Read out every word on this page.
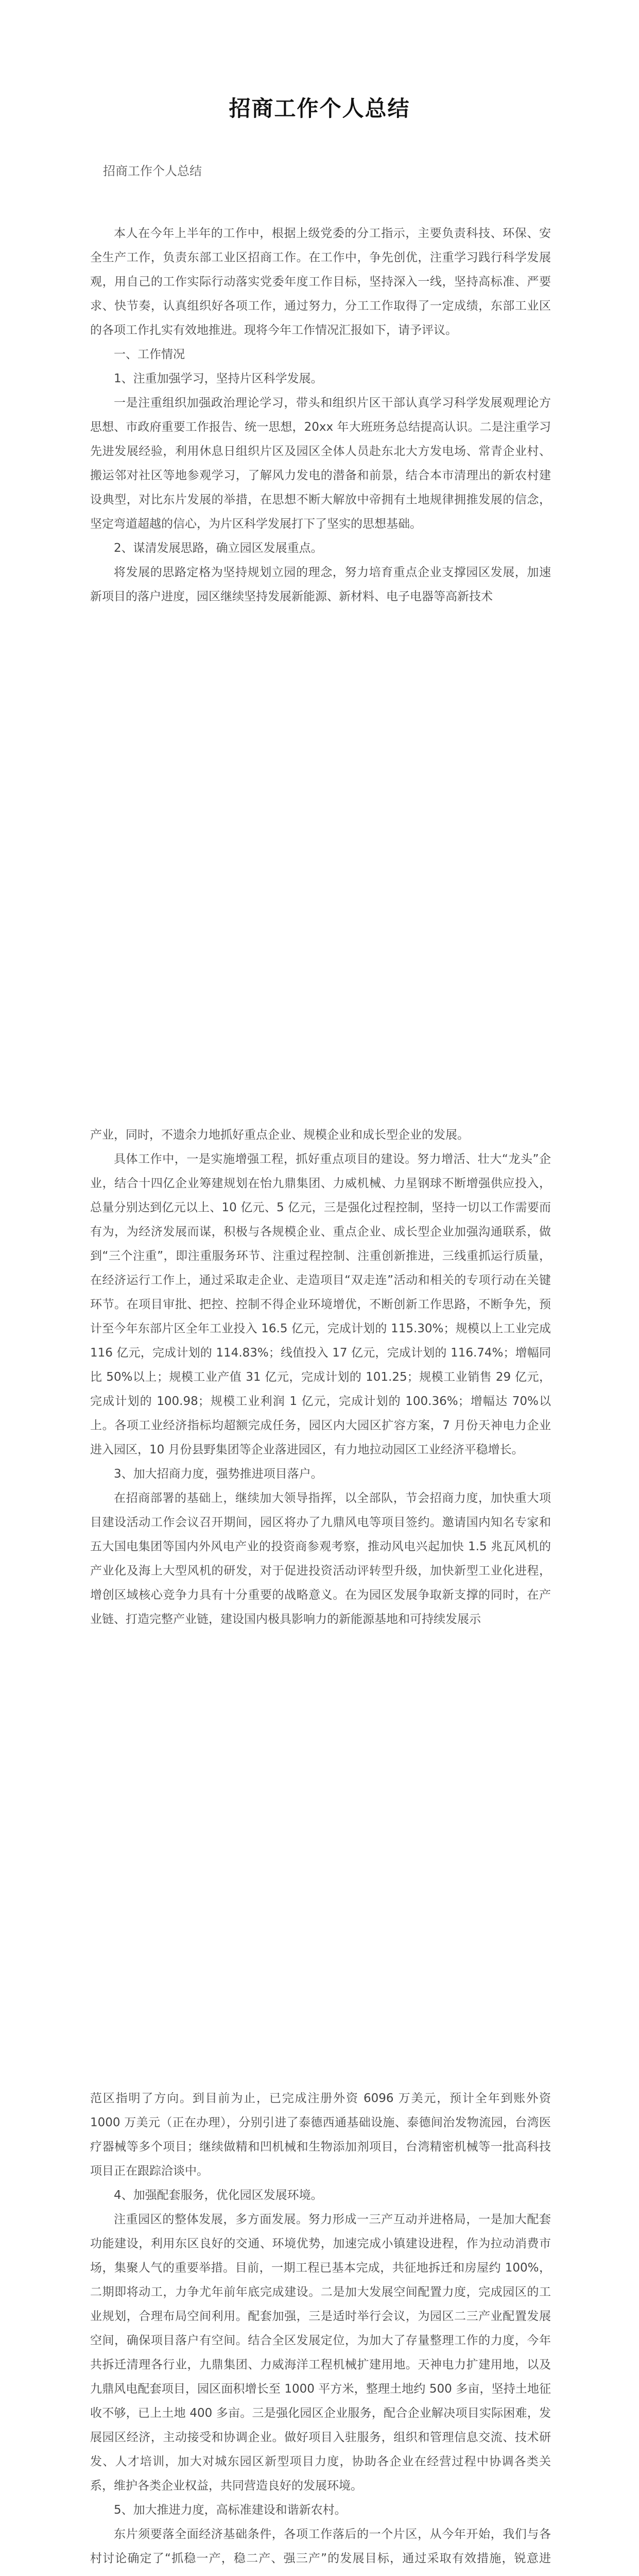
招商工作个人总结

招商工作个人总结

本人在今年上半年的工作中，根据上级党委的分工指示，主要负责科技、环保、安全生产工作，负责东部工业区招商工作。在工作中，争先创优，注重学习践行科学发展观，用自己的工作实际行动落实党委年度工作目标，坚持深入一线，坚持高标准、严要求、快节奏，认真组织好各项工作，通过努力，分工工作取得了一定成绩，东部工业区的各项工作扎实有效地推进。现将今年工作情况汇报如下，请予评议。

一、工作情况

1、注重加强学习，坚持片区科学发展。

一是注重组织加强政治理论学习，带头和组织片区干部认真学习科学发展观理论方思想、市政府重要工作报告、统一思想，20xx 年大班班务总结提高认识。二是注重学习先进发展经验，利用休息日组织片区及园区全体人员赴东北大方发电场、常青企业村、搬运邻对社区等地参观学习，了解风力发电的潜备和前景，结合本市清理出的新农村建设典型，对比东片发展的举措，在思想不断大解放中帝拥有土地规律拥推发展的信念，坚定弯道超越的信心，为片区科学发展打下了坚实的思想基础。

2、谋清发展思路，确立园区发展重点。

将发展的思路定格为坚持规划立园的理念，努力培育重点企业支撑园区发展，加速新项目的落户进度，园区继续坚持发展新能源、新材料、电子电器等高新技术

产业，同时，不遗余力地抓好重点企业、规模企业和成长型企业的发展。

具体工作中，一是实施增强工程，抓好重点项目的建设。努力增活、壮大“龙头”企业，结合十四亿企业筹建规划在怡九鼎集团、力威机械、力星钢球不断增强供应投入，总量分别达到亿元以上、10 亿元、5 亿元，三是强化过程控制，坚持一切以工作需要而有为，为经济发展而谋，积极与各规模企业、重点企业、成长型企业加强沟通联系，做到“三个注重”，即注重服务环节、注重过程控制、注重创新推进，三线重抓运行质量，在经济运行工作上，通过采取走企业、走造项目“双走连”活动和相关的专项行动在关键环节。在项目审批、把控、控制不得企业环境增优，不断创新工作思路，不断争先，预计至今年东部片区全年工业投入 16.5 亿元，完成计划的 115.30%；规模以上工业完成 116 亿元，完成计划的 114.83%；线值投入 17 亿元，完成计划的 116.74%；增幅同比 50%以上；规模工业产值 31 亿元，完成计划的 101.25；规模工业销售 29 亿元，完成计划的 100.98；规模工业利润 1 亿元，完成计划的 100.36%；增幅达 70%以上。各项工业经济指标均超额完成任务，园区内大园区扩容方案，7 月份天神电力企业进入园区，10 月份县野集团等企业落进园区，有力地拉动园区工业经济平稳增长。

3、加大招商力度，强势推进项目落户。

在招商部署的基础上，继续加大领导指挥，以全部队，节会招商力度，加快重大项目建设活动工作会议召开期间，园区将办了九鼎风电等项目签约。邀请国内知名专家和五大国电集团等国内外风电产业的投资商参观考察，推动风电兴起加快 1.5 兆瓦风机的产业化及海上大型风机的研发，对于促进投资活动评转型升级，加快新型工业化进程，增创区域核心竞争力具有十分重要的战略意义。在为园区发展争取新支撑的同时，在产业链、打造完整产业链，建设国内极具影响力的新能源基地和可持续发展示

范区指明了方向。到目前为止，已完成注册外资 6096 万美元，预计全年到账外资 1000 万美元（正在办理），分别引进了泰德西通基础设施、泰德间治发物流园，台湾医疗器械等多个项目；继续做精和凹机械和生物添加剂项目，台湾精密机械等一批高科技项目正在跟踪洽谈中。

4、加强配套服务，优化园区发展环境。

注重园区的整体发展，多方面发展。努力形成一三产互动并进格局，一是加大配套功能建设，利用东区良好的交通、环境优势，加速完成小镇建设进程，作为拉动消费市场，集聚人气的重要举措。目前，一期工程已基本完成，共征地拆迁和房屋约 100%，二期即将动工，力争尤年前年底完成建设。二是加大发展空间配置力度，完成园区的工业规划，合理布局空间利用。配套加强，三是适时举行会议，为园区二三产业配置发展空间，确保项目落户有空间。结合全区发展定位，为加大了存量整理工作的力度，今年共拆迁清理各行业，九鼎集团、力威海洋工程机械扩建用地。天神电力扩建用地，以及九鼎风电配套项目，园区面积增长至 1000 平方米，整理土地约 500 多亩，坚持土地征收不够，已上土地 400 多亩。三是强化园区企业服务，配合企业解决项目实际困难，发展园区经济，主动接受和协调企业。做好项目入驻服务，组织和管理信息交流、技术研发、人才培训，加大对城东园区新型项目力度，协助各企业在经营过程中协调各类关系，维护各类企业权益，共同营造良好的发展环境。

5、加大推进力度，高标准建设和谐新农村。

东片须要落全面经济基础条件，各项工作落后的一个片区，从今年开始，我们与各村讨论确定了“抓稳一产，稳二产、强三产”的发展目标，通过采取有效措施，锐意进
